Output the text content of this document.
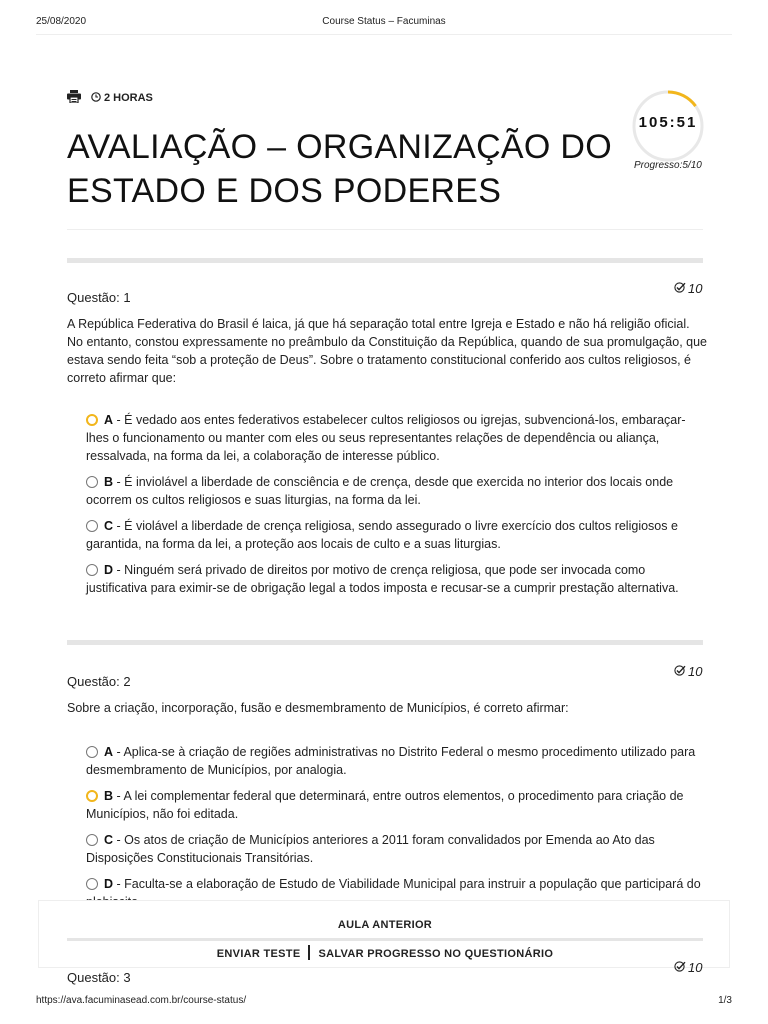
25/08/2020	Course Status – Facuminas
2 HORAS
AVALIAÇÃO – ORGANIZAÇÃO DO ESTADO E DOS PODERES
105:51
Progresso:5/10
Questão: 1
10

A República Federativa do Brasil é laica, já que há separação total entre Igreja e Estado e não há religião oficial. No entanto, constou expressamente no preâmbulo da Constituição da República, quando de sua promulgação, que estava sendo feita “sob a proteção de Deus”. Sobre o tratamento constitucional conferido aos cultos religiosos, é correto afirmar que:

A - É vedado aos entes federativos estabelecer cultos religiosos ou igrejas, subvencioná-los, embaraçar-lhes o funcionamento ou manter com eles ou seus representantes relações de dependência ou aliança, ressalvada, na forma da lei, a colaboração de interesse público.
B - É inviolável a liberdade de consciência e de crença, desde que exercida no interior dos locais onde ocorrem os cultos religiosos e suas liturgias, na forma da lei.
C - É violável a liberdade de crença religiosa, sendo assegurado o livre exercício dos cultos religiosos e garantida, na forma da lei, a proteção aos locais de culto e a suas liturgias.
D - Ninguém será privado de direitos por motivo de crença religiosa, que pode ser invocada como justificativa para eximir-se de obrigação legal a todos imposta e recusar-se a cumprir prestação alternativa.
Questão: 2
10

Sobre a criação, incorporação, fusão e desmembramento de Municípios, é correto afirmar:

A - Aplica-se à criação de regiões administrativas no Distrito Federal o mesmo procedimento utilizado para desmembramento de Municípios, por analogia.
B - A lei complementar federal que determinará, entre outros elementos, o procedimento para criação de Municípios, não foi editada.
C - Os atos de criação de Municípios anteriores a 2011 foram convalidados por Emenda ao Ato das Disposições Constitucionais Transitórias.
D - Faculta-se a elaboração de Estudo de Viabilidade Municipal para instruir a população que participará do
AULA ANTERIOR
ENVIAR TESTE SALVAR PROGRESSO NO QUESTIONÁRIO
Questão: 3
10
https://ava.facuminasead.com.br/course-status/	1/3
